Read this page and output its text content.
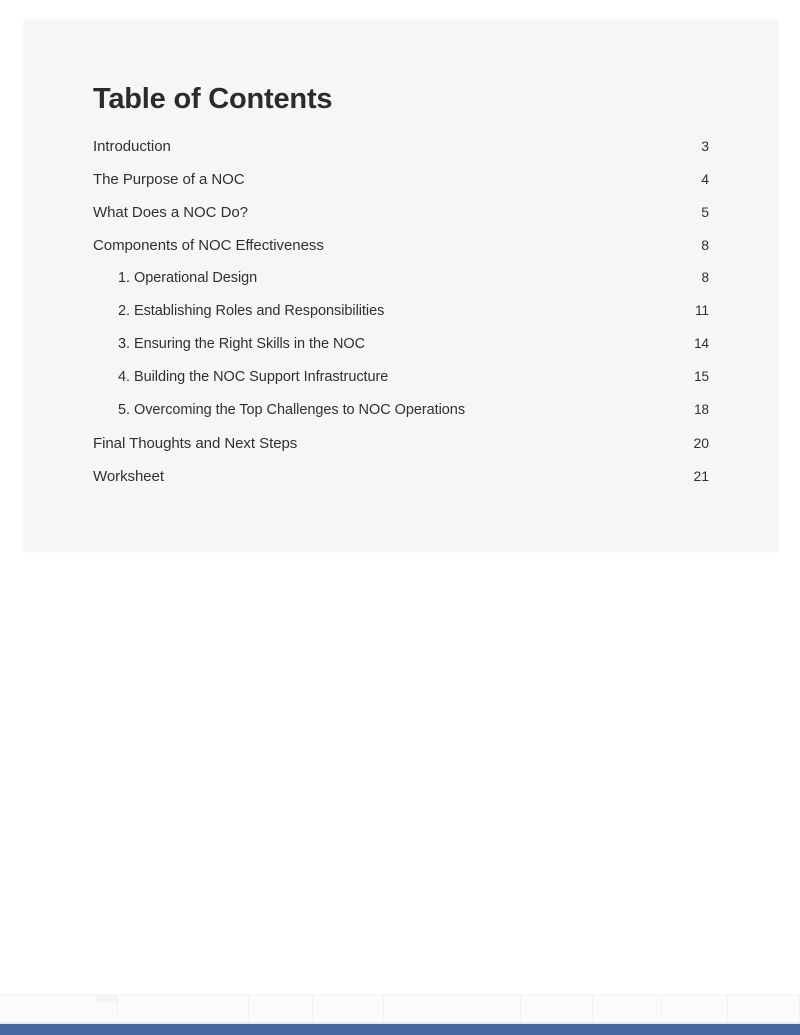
Table of Contents
Introduction	3
The Purpose of a NOC	4
What Does a NOC Do?	5
Components of NOC Effectiveness	8
1. Operational Design	8
2. Establishing Roles and Responsibilities	11
3. Ensuring the Right Skills in the NOC	14
4. Building the NOC Support Infrastructure	15
5. Overcoming the Top Challenges to NOC Operations	18
Final Thoughts and Next Steps	20
Worksheet	21
